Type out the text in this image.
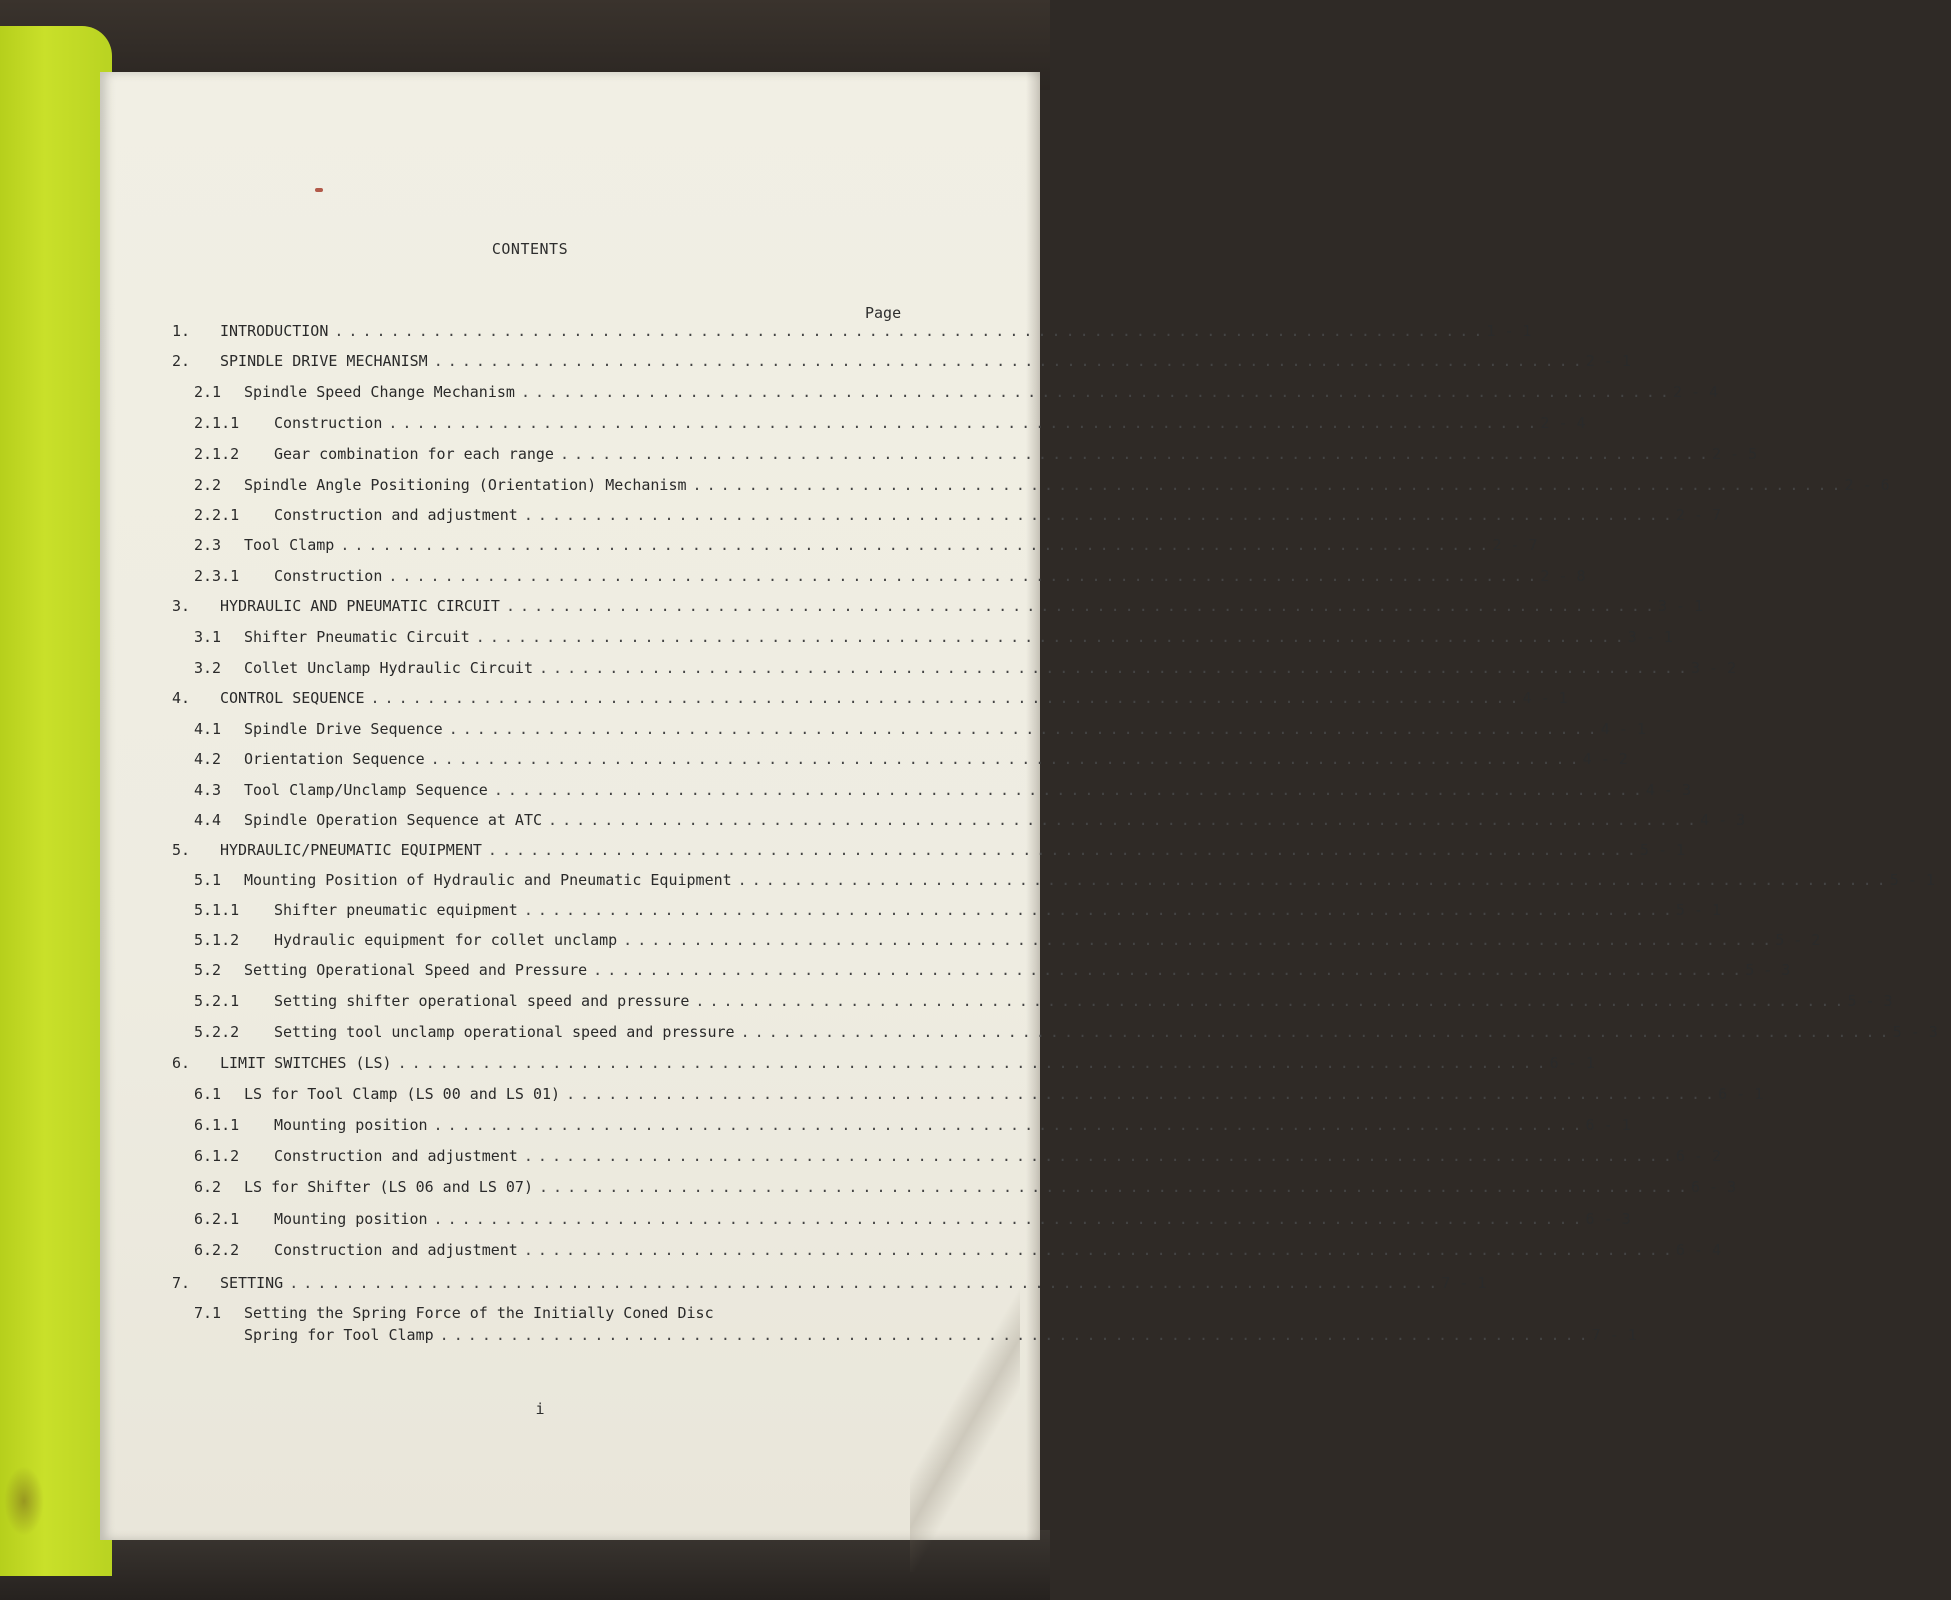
CONTENTS
Page
1.	INTRODUCTION . . .	1 - 1
2.	SPINDLE DRIVE MECHANISM . . .	2 - 1
2.1	Spindle Speed Change Mechanism . . .	2 - 4
2.1.1	Construction . . .	2 - 4
2.1.2	Gear combination for each range . . .	2 - 5
2.2	Spindle Angle Positioning (Orientation) Mechanism . . .	2 - 6
2.2.1	Construction and adjustment . . .	2 - 7
2.3	Tool Clamp . . .	2 - 7
2.3.1	Construction . . .	2 - 8
3.	HYDRAULIC AND PNEUMATIC CIRCUIT . . .	3 - 1
3.1	Shifter Pneumatic Circuit . . .	3 - 1
3.2	Collet Unclamp Hydraulic Circuit . . .	3 - 2
4.	CONTROL SEQUENCE . . .	4 - 1
4.1	Spindle Drive Sequence . . .	4 - 1
4.2	Orientation Sequence . . .	4 - 2
4.3	Tool Clamp/Unclamp Sequence . . .	4 - 3
4.4	Spindle Operation Sequence at ATC . . .	4 - 3
5.	HYDRAULIC/PNEUMATIC EQUIPMENT . . .	5 - 1
5.1	Mounting Position of Hydraulic and Pneumatic Equipment . . .	5 - 1
5.1.1	Shifter pneumatic equipment . . .	5 - 1
5.1.2	Hydraulic equipment for collet unclamp . . .	5 - 2
5.2	Setting Operational Speed and Pressure . . .	5 - 3
5.2.1	Setting shifter operational speed and pressure . . .	5 - 3
5.2.2	Setting tool unclamp operational speed and pressure . . .	5 - 3
6.	LIMIT SWITCHES (LS) . . .	6 - 1
6.1	LS for Tool Clamp (LS 00 and LS 01) . . .	6 - 1
6.1.1	Mounting position . . .	6 - 1
6.1.2	Construction and adjustment . . .	6 - 2
6.2	LS for Shifter (LS 06 and LS 07) . . .	6 - 3
6.2.1	Mounting position . . .	6 - 3
6.2.2	Construction and adjustment . . .	6 - 4
7.	SETTING . . .	7 - 1
7.1	Setting the Spring Force of the Initially Coned Disc
Spring for Tool Clamp . . .	7 - 1
i
